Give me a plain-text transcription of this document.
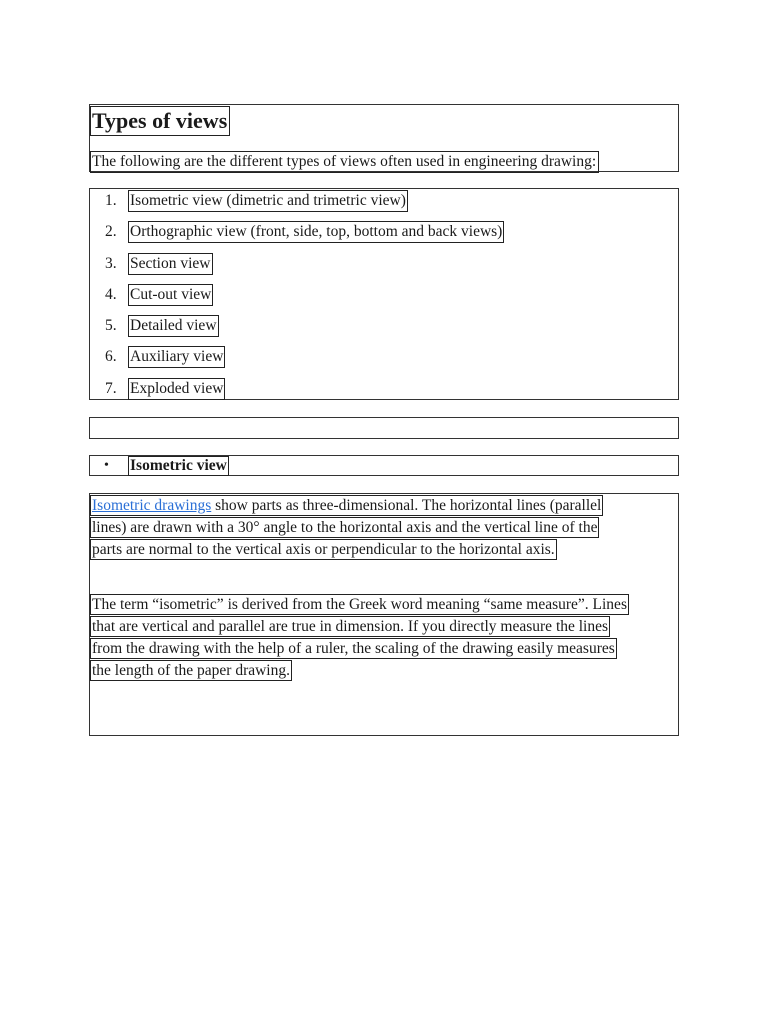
Types of views

The following are the different types of views often used in engineering drawing:

1. Isometric view (dimetric and trimetric view)
2. Orthographic view (front, side, top, bottom and back views)
3. Section view
4. Cut-out view
5. Detailed view
6. Auxiliary view
7. Exploded view
• Isometric view
Isometric drawings show parts as three-dimensional. The horizontal lines (parallel
lines) are drawn with a 30° angle to the horizontal axis and the vertical line of the
parts are normal to the vertical axis or perpendicular to the horizontal axis.
The term “isometric” is derived from the Greek word meaning “same measure”. Lines
that are vertical and parallel are true in dimension. If you directly measure the lines
from the drawing with the help of a ruler, the scaling of the drawing easily measures
the length of the paper drawing.
